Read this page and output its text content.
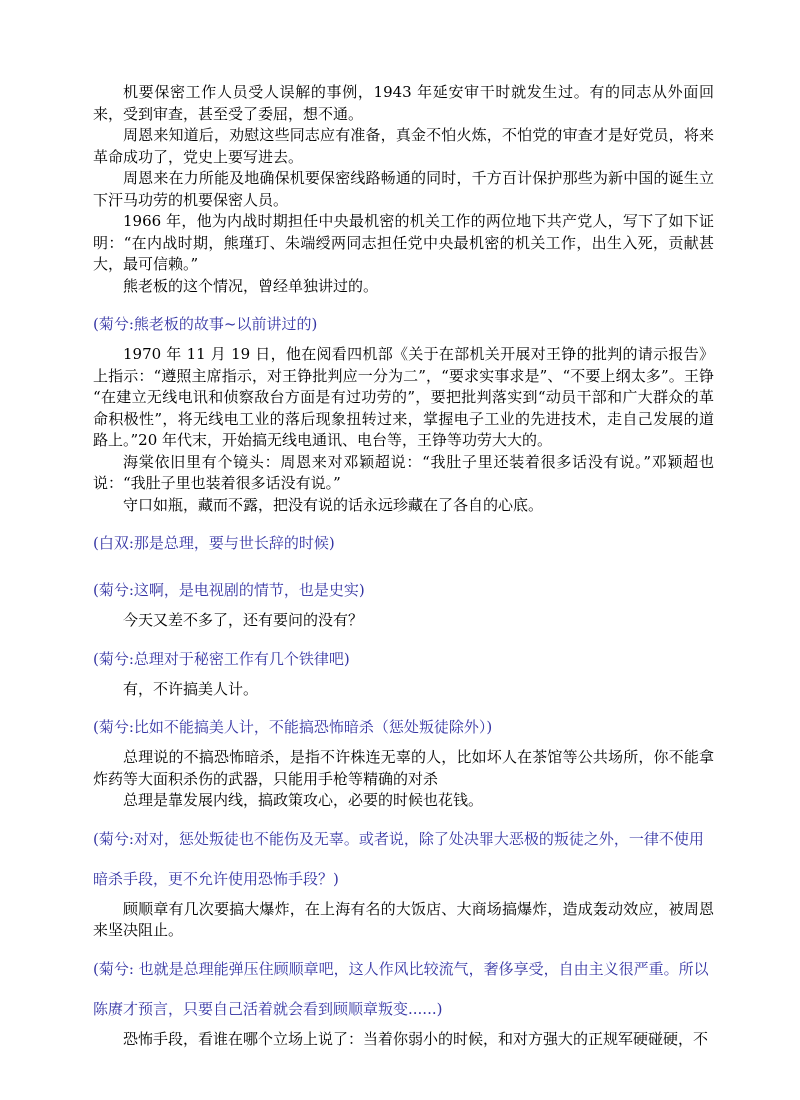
机要保密工作人员受人误解的事例，1943 年延安审干时就发生过。有的同志从外面回来，受到审查，甚至受了委屈，想不通。

周恩来知道后，劝慰这些同志应有准备，真金不怕火炼，不怕党的审查才是好党员，将来革命成功了，党史上要写进去。

周恩来在力所能及地确保机要保密线路畅通的同时，千方百计保护那些为新中国的诞生立下汗马功劳的机要保密人员。

1966 年，他为内战时期担任中央最机密的机关工作的两位地下共产党人，写下了如下证明：“在内战时期，熊瑾玎、朱端绶两同志担任党中央最机密的机关工作，出生入死，贡献甚大，最可信赖。”

熊老板的这个情况，曾经单独讲过的。

(菊兮:熊老板的故事~以前讲过的)

1970 年 11 月 19 日，他在阅看四机部《关于在部机关开展对王铮的批判的请示报告》上指示：“遵照主席指示，对王铮批判应一分为二”，“要求实事求是”、“不要上纲太多”。王铮“在建立无线电讯和侦察敌台方面是有过功劳的”，要把批判落实到“动员干部和广大群众的革命积极性”，将无线电工业的落后现象扭转过来，掌握电子工业的先进技术，走自己发展的道路上。”20 年代末，开始搞无线电通讯、电台等，王铮等功劳大大的。

海棠依旧里有个镜头：周恩来对邓颖超说：“我肚子里还装着很多话没有说。”邓颖超也说：“我肚子里也装着很多话没有说。”

守口如瓶，藏而不露，把没有说的话永远珍藏在了各自的心底。

(白双:那是总理，要与世长辞的时候)

(菊兮:这啊，是电视剧的情节，也是史实)

今天又差不多了，还有要问的没有？

(菊兮:总理对于秘密工作有几个铁律吧)

有，不许搞美人计。

(菊兮:比如不能搞美人计，不能搞恐怖暗杀（惩处叛徒除外）)

总理说的不搞恐怖暗杀，是指不许株连无辜的人，比如坏人在茶馆等公共场所，你不能拿炸药等大面积杀伤的武器，只能用手枪等精确的对杀

总理是靠发展内线，搞政策攻心，必要的时候也花钱。

(菊兮:对对，惩处叛徒也不能伤及无辜。或者说，除了处决罪大恶极的叛徒之外，一律不使用暗杀手段，更不允许使用恐怖手段？)

顾顺章有几次要搞大爆炸，在上海有名的大饭店、大商场搞爆炸，造成轰动效应，被周恩来坚决阻止。

(菊兮: 也就是总理能弹压住顾顺章吧，这人作风比较流气，奢侈享受，自由主义很严重。所以陈赓才预言，只要自己活着就会看到顾顺章叛变......)

恐怖手段，看谁在哪个立场上说了：当着你弱小的时候，和对方强大的正规军硬碰硬，不
